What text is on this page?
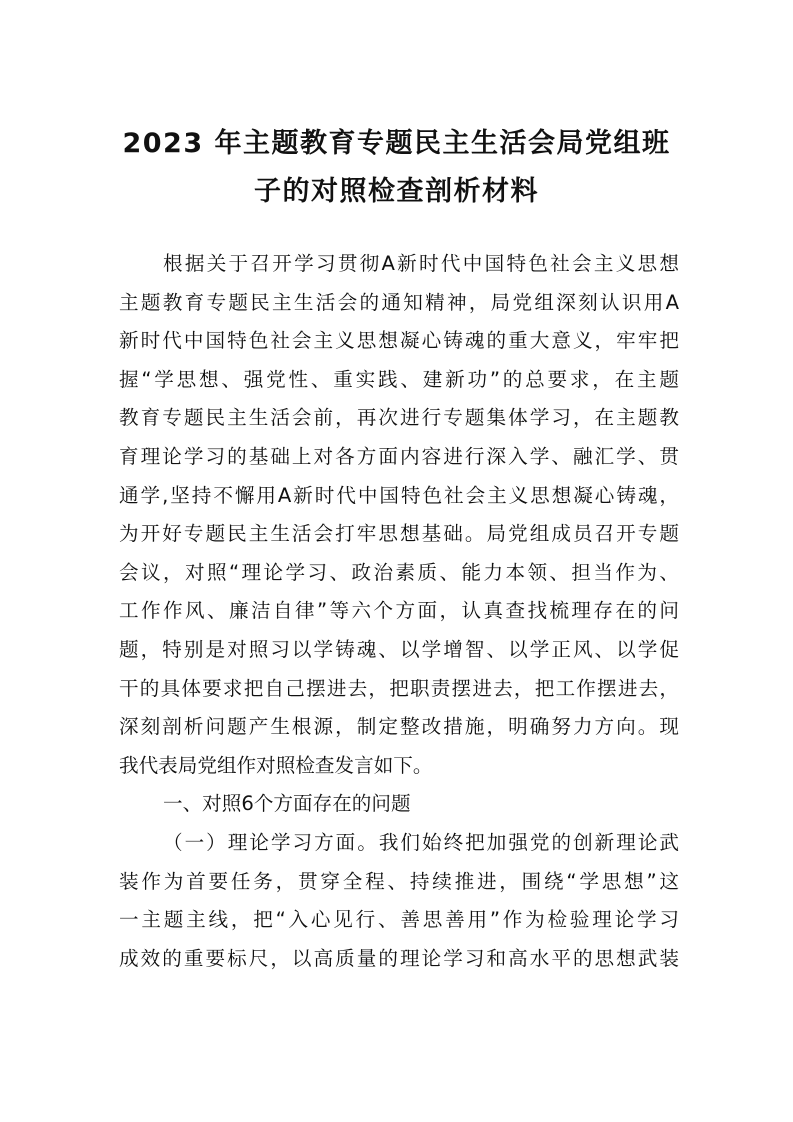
2023 年主题教育专题民主生活会局党组班
子的对照检查剖析材料
根据关于召开学习贯彻A新时代中国特色社会主义思想
主题教育专题民主生活会的通知精神，局党组深刻认识用A
新时代中国特色社会主义思想凝心铸魂的重大意义，牢牢把
握“学思想、强党性、重实践、建新功”的总要求，在主题
教育专题民主生活会前，再次进行专题集体学习，在主题教
育理论学习的基础上对各方面内容进行深入学、融汇学、贯
通学,坚持不懈用A新时代中国特色社会主义思想凝心铸魂，
为开好专题民主生活会打牢思想基础。局党组成员召开专题
会议，对照“理论学习、政治素质、能力本领、担当作为、
工作作风、廉洁自律”等六个方面，认真查找梳理存在的问
题，特别是对照习以学铸魂、以学增智、以学正风、以学促
干的具体要求把自己摆进去，把职责摆进去，把工作摆进去，
深刻剖析问题产生根源，制定整改措施，明确努力方向。现
我代表局党组作对照检查发言如下。
一、对照6个方面存在的问题
（一）理论学习方面。我们始终把加强党的创新理论武
装作为首要任务，贯穿全程、持续推进，围绕“学思想”这
一主题主线，把“入心见行、善思善用”作为检验理论学习
成效的重要标尺，以高质量的理论学习和高水平的思想武装
